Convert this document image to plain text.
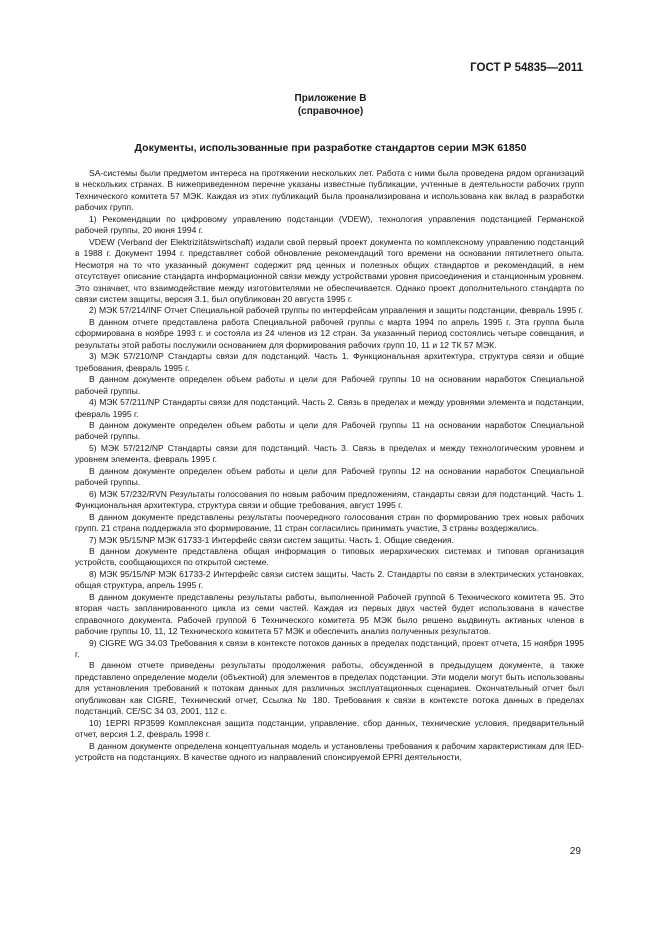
ГОСТ Р 54835—2011
Приложение В
(справочное)
Документы, использованные при разработке стандартов серии МЭК 61850

SA-системы были предметом интереса на протяжении нескольких лет. Работа с ними была проведена рядом организаций в нескольких странах. В нижеприведенном перечне указаны известные публикации, учтенные в деятельности рабочих групп Технического комитета 57 МЭК. Каждая из этих публикаций была проанализирована и использована как вклад в разработки рабочих групп.

1) Рекомендации по цифровому управлению подстанции (VDEW), технология управления подстанцией Германской рабочей группы, 20 июня 1994 г.

VDEW (Verband der Elektrizitätswirtschaft) издали свой первый проект документа по комплексному управлению подстанций в 1988 г. Документ 1994 г. представляет собой обновление рекомендаций того времени на основании пятилетнего опыта. Несмотря на то что указанный документ содержит ряд ценных и полезных общих стандартов и рекомендаций, в нем отсутствует описание стандарта информационной связи между устройствами уровня присоединения и станционным уровнем. Это означает, что взаимодействие между изготовителями не обеспечивается. Однако проект дополнительного стандарта по связи систем защиты, версия 3.1, был опубликован 20 августа 1995 г.

2) МЭК 57/214/INF Отчет Специальной рабочей группы по интерфейсам управления и защиты подстанции, февраль 1995 г.

В данном отчете представлена работа Специальной рабочей группы с марта 1994 по апрель 1995 г. Эта группа была сформирована в ноябре 1993 г. и состояла из 24 членов из 12 стран. За указанный период состоялись четыре совещания, и результаты этой работы послужили основанием для формирования рабочих групп 10, 11 и 12 ТК 57 МЭК.

3) МЭК 57/210/NP Стандарты связи для подстанций. Часть 1. Функциональная архитектура, структура связи и общие требования, февраль 1995 г.

В данном документе определен объем работы и цели для Рабочей группы 10 на основании наработок Специальной рабочей группы.

4) МЭК 57/211/NP Стандарты связи для подстанций. Часть 2. Связь в пределах и между уровнями элемента и подстанции, февраль 1995 г.

В данном документе определен объем работы и цели для Рабочей группы 11 на основании наработок Специальной рабочей группы.

5) МЭК 57/212/NP Стандарты связи для подстанций. Часть 3. Связь в пределах и между технологическим уровнем и уровнем элемента, февраль 1995 г.

В данном документе определен объем работы и цели для Рабочей группы 12 на основании наработок Специальной рабочей группы.

6) МЭК 57/232/RVN Результаты голосования по новым рабочим предложениям, стандарты связи для подстанций. Часть 1. Функциональная архитектура, структура связи и общие требования, август 1995 г.

В данном документе представлены результаты поочередного голосования стран по формированию трех новых рабочих групп. 21 страна поддержала это формирование, 11 стран согласились принимать участие, 3 страны воздержались.

7) МЭК 95/15/NP МЭК 61733-1 Интерфейс связи систем защиты. Часть 1. Общие сведения.

В данном документе представлена общая информация о типовых иерархических системах и типовая организация устройств, сообщающихся по открытой системе.

8) МЭК 95/15/NP МЭК 61733-2 Интерфейс связи систем защиты. Часть 2. Стандарты по связи в электрических установках, общая структура, апрель 1995 г.

В данном документе представлены результаты работы, выполненной Рабочей группой 6 Технического комитета 95. Это вторая часть запланированного цикла из семи частей. Каждая из первых двух частей будет использована в качестве справочного документа. Рабочей группой 6 Технического комитета 95 МЭК было решено выдвинуть активных членов в рабочие группы 10, 11, 12 Технического комитета 57 МЭК и обеспечить анализ полученных результатов.

9) CIGRE WG 34.03 Требования к связи в контексте потоков данных в пределах подстанций, проект отчета, 15 ноября 1995 г.

В данном отчете приведены результаты продолжения работы, обсужденной в предыдущем документе, а также представлено определение модели (объектной) для элементов в пределах подстанции. Эти модели могут быть использованы для установления требований к потокам данных для различных эксплуатационных сценариев. Окончательный отчет был опубликован как CIGRE, Технический отчет, Ссылка № 180. Требования к связи в контексте потока данных в пределах подстанций. CE/SC 34 03, 2001, 112 с.

10) 1EPRI RP3599 Комплексная защита подстанции, управление, сбор данных, технические условия, предварительный отчет, версия 1.2, февраль 1998 г.

В данном документе определена концептуальная модель и установлены требования к рабочим характеристикам для IED-устройств на подстанциях. В качестве одного из направлений спонсируемой EPRI деятельности,

29
